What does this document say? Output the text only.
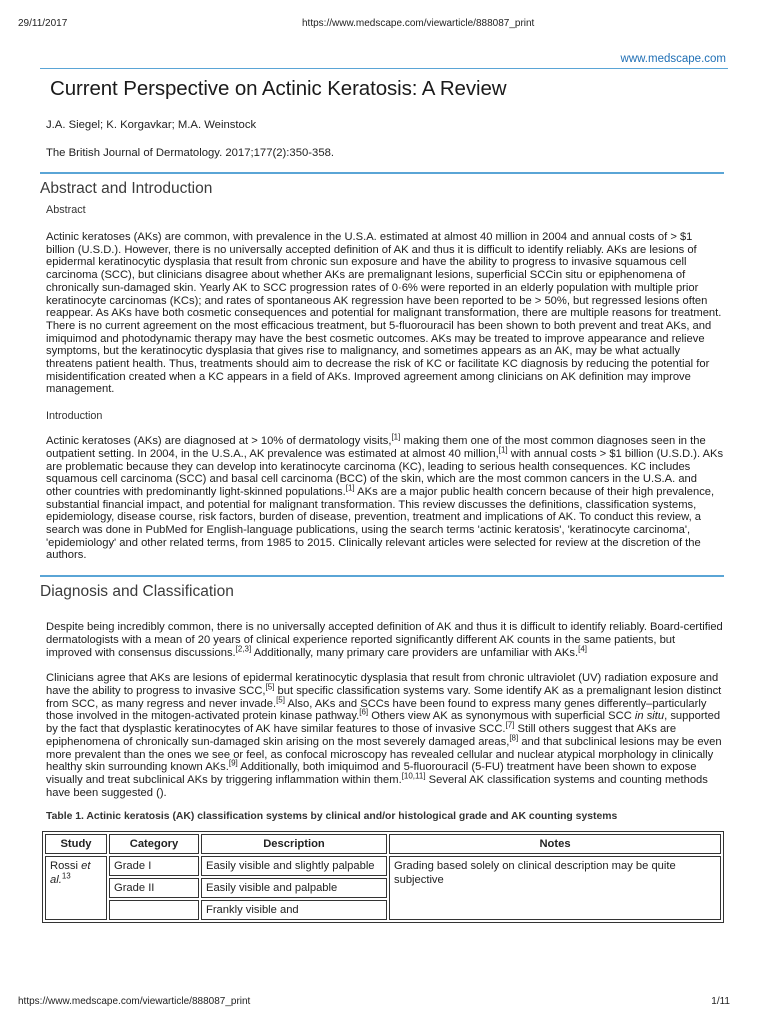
29/11/2017	https://www.medscape.com/viewarticle/888087_print
www.medscape.com
Current Perspective on Actinic Keratosis: A Review
J.A. Siegel; K. Korgavkar; M.A. Weinstock
The British Journal of Dermatology. 2017;177(2):350-358.
Abstract and Introduction
Abstract

Actinic keratoses (AKs) are common, with prevalence in the U.S.A. estimated at almost 40 million in 2004 and annual costs of > $1 billion (U.S.D.). However, there is no universally accepted definition of AK and thus it is difficult to identify reliably. AKs are lesions of epidermal keratinocytic dysplasia that result from chronic sun exposure and have the ability to progress to invasive squamous cell carcinoma (SCC), but clinicians disagree about whether AKs are premalignant lesions, superficial SCCin situ or epiphenomena of chronically sun-damaged skin. Yearly AK to SCC progression rates of 0·6% were reported in an elderly population with multiple prior keratinocyte carcinomas (KCs); and rates of spontaneous AK regression have been reported to be > 50%, but regressed lesions often reappear. As AKs have both cosmetic consequences and potential for malignant transformation, there are multiple reasons for treatment. There is no current agreement on the most efficacious treatment, but 5-fluorouracil has been shown to both prevent and treat AKs, and imiquimod and photodynamic therapy may have the best cosmetic outcomes. AKs may be treated to improve appearance and relieve symptoms, but the keratinocytic dysplasia that gives rise to malignancy, and sometimes appears as an AK, may be what actually threatens patient health. Thus, treatments should aim to decrease the risk of KC or facilitate KC diagnosis by reducing the potential for misidentification created when a KC appears in a field of AKs. Improved agreement among clinicians on AK definition may improve management.

Introduction

Actinic keratoses (AKs) are diagnosed at > 10% of dermatology visits,[1] making them one of the most common diagnoses seen in the outpatient setting. In 2004, in the U.S.A., AK prevalence was estimated at almost 40 million,[1] with annual costs > $1 billion (U.S.D.). AKs are problematic because they can develop into keratinocyte carcinoma (KC), leading to serious health consequences. KC includes squamous cell carcinoma (SCC) and basal cell carcinoma (BCC) of the skin, which are the most common cancers in the U.S.A. and other countries with predominantly light-skinned populations.[1] AKs are a major public health concern because of their high prevalence, substantial financial impact, and potential for malignant transformation. This review discusses the definitions, classification systems, epidemiology, disease course, risk factors, burden of disease, prevention, treatment and implications of AK. To conduct this review, a search was done in PubMed for English-language publications, using the search terms 'actinic keratosis', 'keratinocyte carcinoma', 'epidemiology' and other related terms, from 1985 to 2015. Clinically relevant articles were selected for review at the discretion of the authors.

Diagnosis and Classification

Despite being incredibly common, there is no universally accepted definition of AK and thus it is difficult to identify reliably. Board-certified dermatologists with a mean of 20 years of clinical experience reported significantly different AK counts in the same patients, but improved with consensus discussions.[2,3] Additionally, many primary care providers are unfamiliar with AKs.[4]

Clinicians agree that AKs are lesions of epidermal keratinocytic dysplasia that result from chronic ultraviolet (UV) radiation exposure and have the ability to progress to invasive SCC,[5] but specific classification systems vary. Some identify AK as a premalignant lesion distinct from SCC, as many regress and never invade.[5] Also, AKs and SCCs have been found to express many genes differently–particularly those involved in the mitogen-activated protein kinase pathway.[6] Others view AK as synonymous with superficial SCC in situ, supported by the fact that dysplastic keratinocytes of AK have similar features to those of invasive SCC.[7] Still others suggest that AKs are epiphenomena of chronically sun-damaged skin arising on the most severely damaged areas,[8] and that subclinical lesions may be even more prevalent than the ones we see or feel, as confocal microscopy has revealed cellular and nuclear atypical morphology in clinically healthy skin surrounding known AKs.[9] Additionally, both imiquimod and 5-fluorouracil (5-FU) treatment have been shown to expose visually and treat subclinical AKs by triggering inflammation within them.[10,11] Several AK classification systems and counting methods have been suggested ().

Table 1. Actinic keratosis (AK) classification systems by clinical and/or histological grade and AK counting systems
Study	Category	Description	Notes
Rossi et al.$^{13}$	Grade I	Easily visible and slightly palpable	Grading based solely on clinical description may be quite subjective
	Grade II	Easily visible and palpable	
		Frankly visible and	
https://www.medscape.com/viewarticle/888087_print	1/11
